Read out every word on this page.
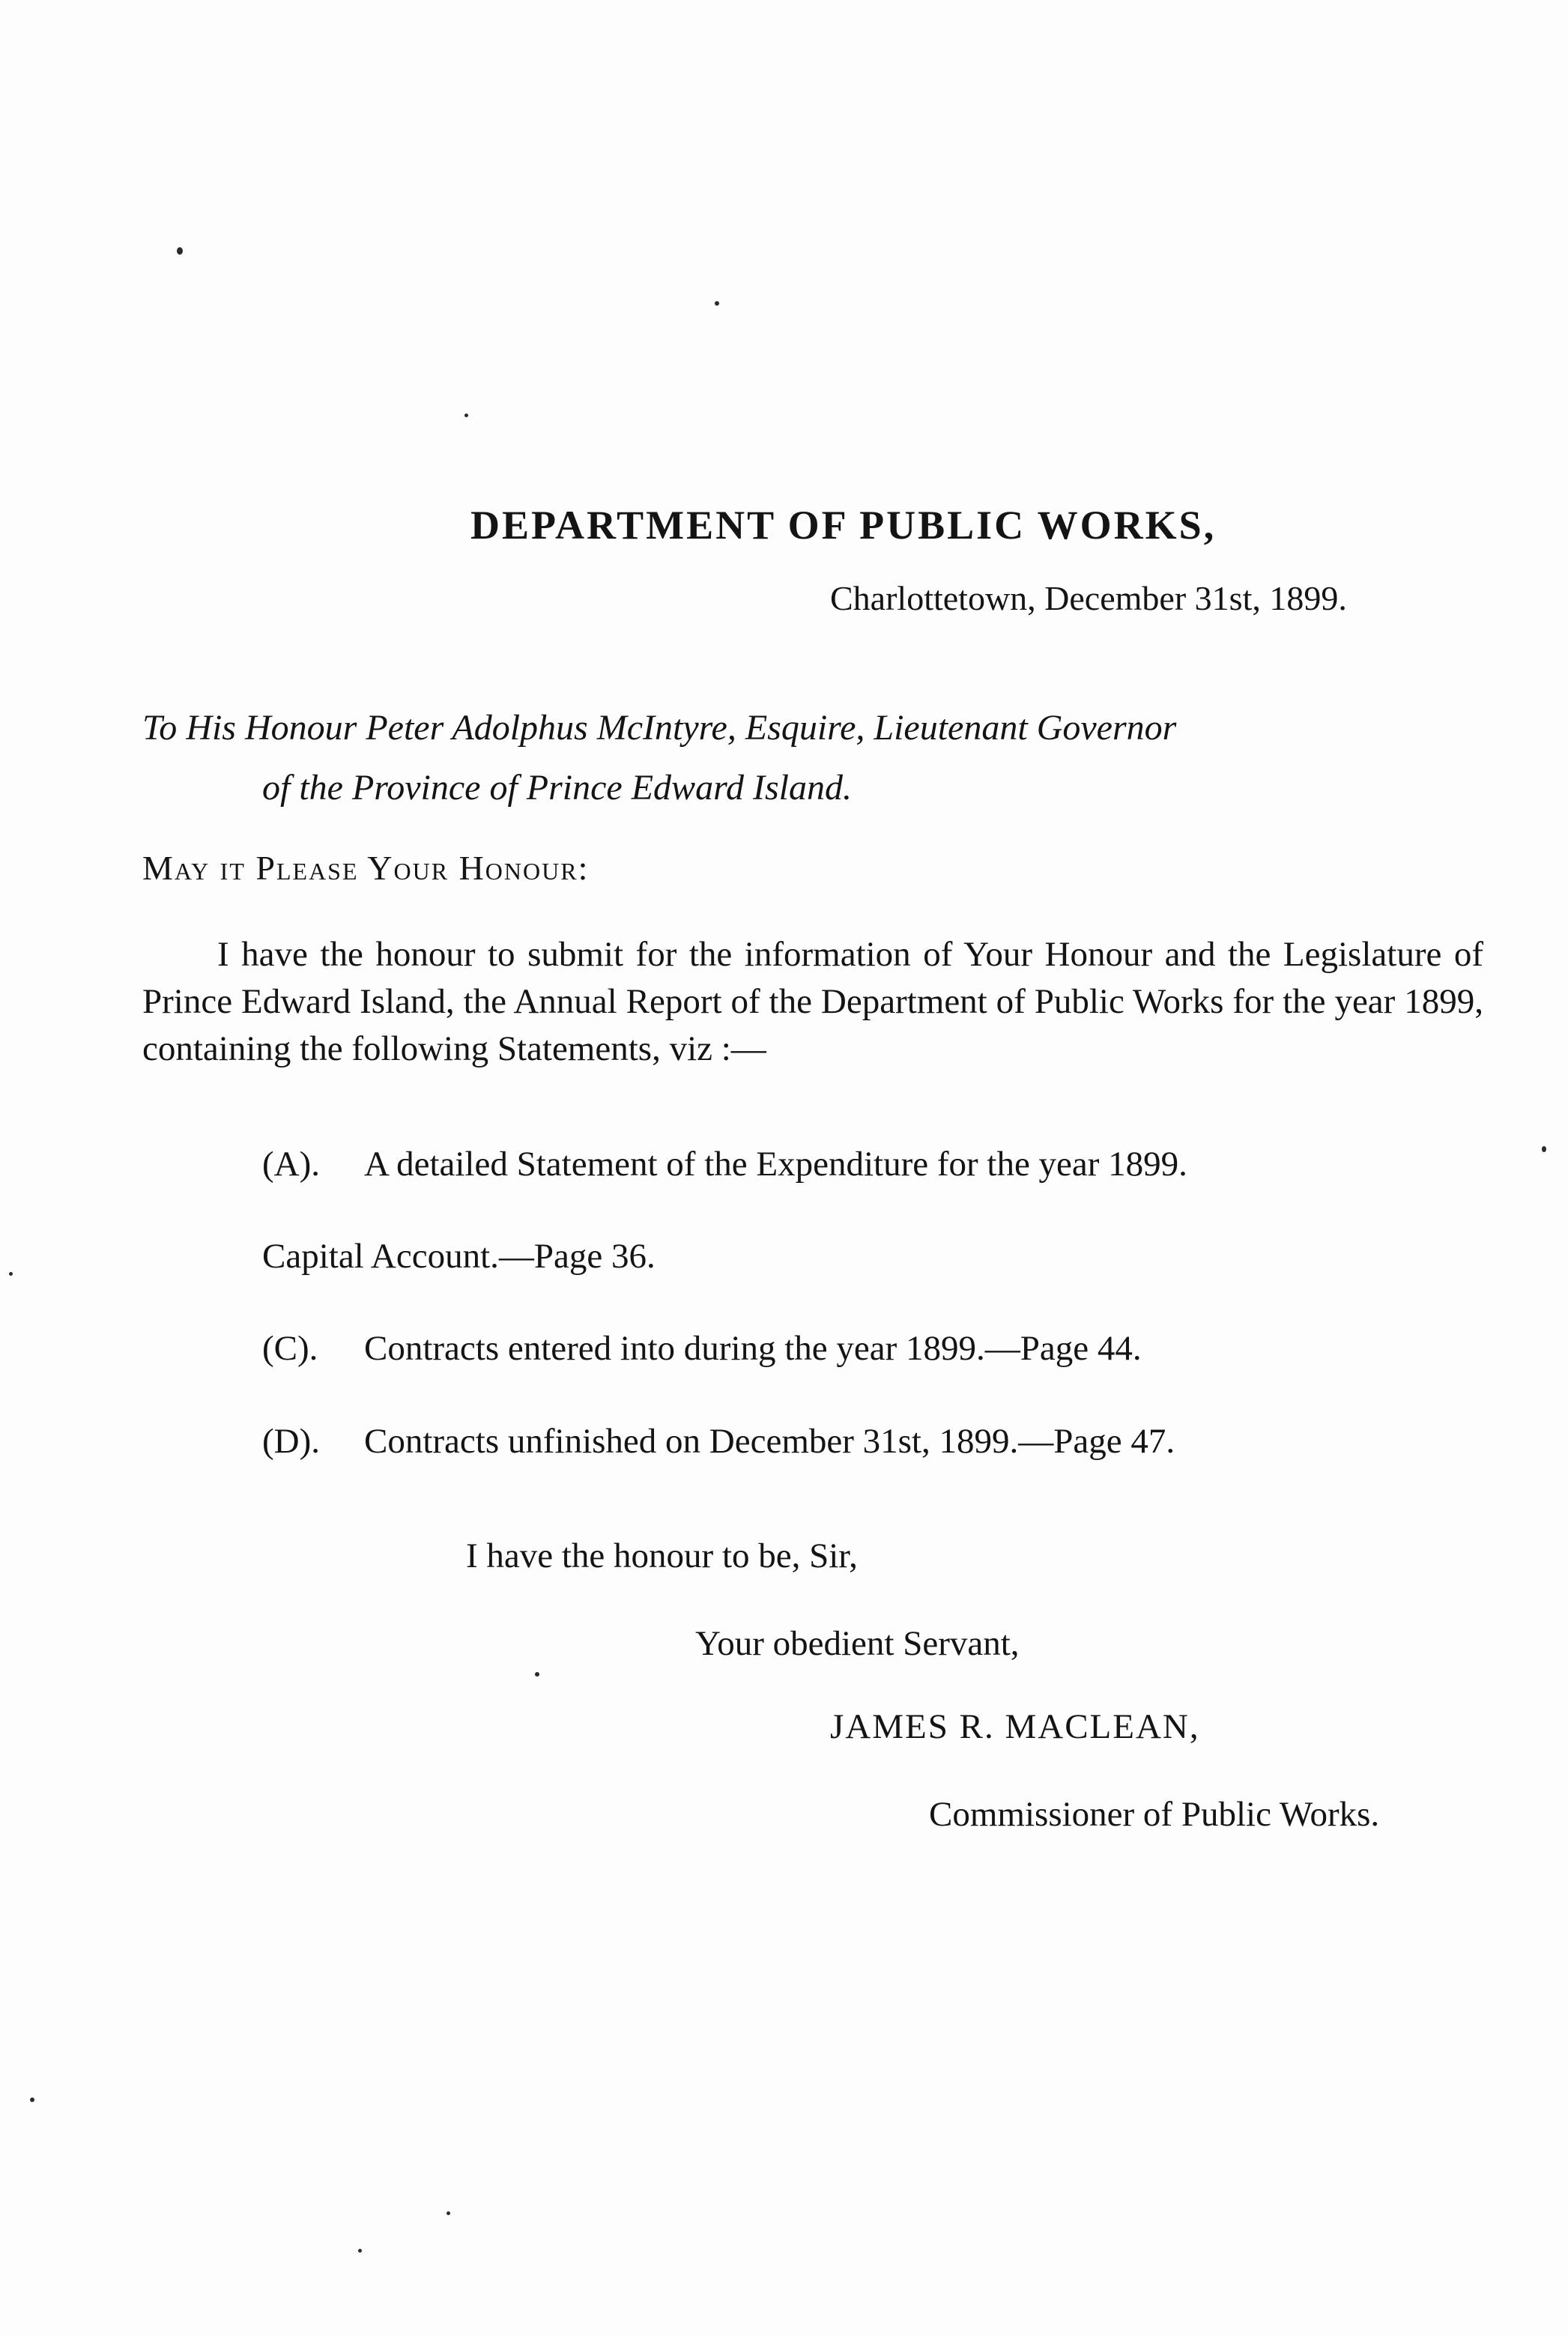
DEPARTMENT OF PUBLIC WORKS,
Charlottetown, December 31st, 1899.
To His Honour Peter Adolphus McIntyre, Esquire, Lieutenant Governor
of the Province of Prince Edward Island.
May it Please Your Honour:
I have the honour to submit for the information of Your Honour and the Legislature of Prince Edward Island, the Annual Report of the Department of Public Works for the year 1899, containing the following Statements, viz :—
(A). A detailed Statement of the Expenditure for the year 1899.
Capital Account.—Page 36.
(C). Contracts entered into during the year 1899.—Page 44.
(D). Contracts unfinished on December 31st, 1899.—Page 47.
I have the honour to be, Sir,
Your obedient Servant,
JAMES R. MACLEAN,
Commissioner of Public Works.
